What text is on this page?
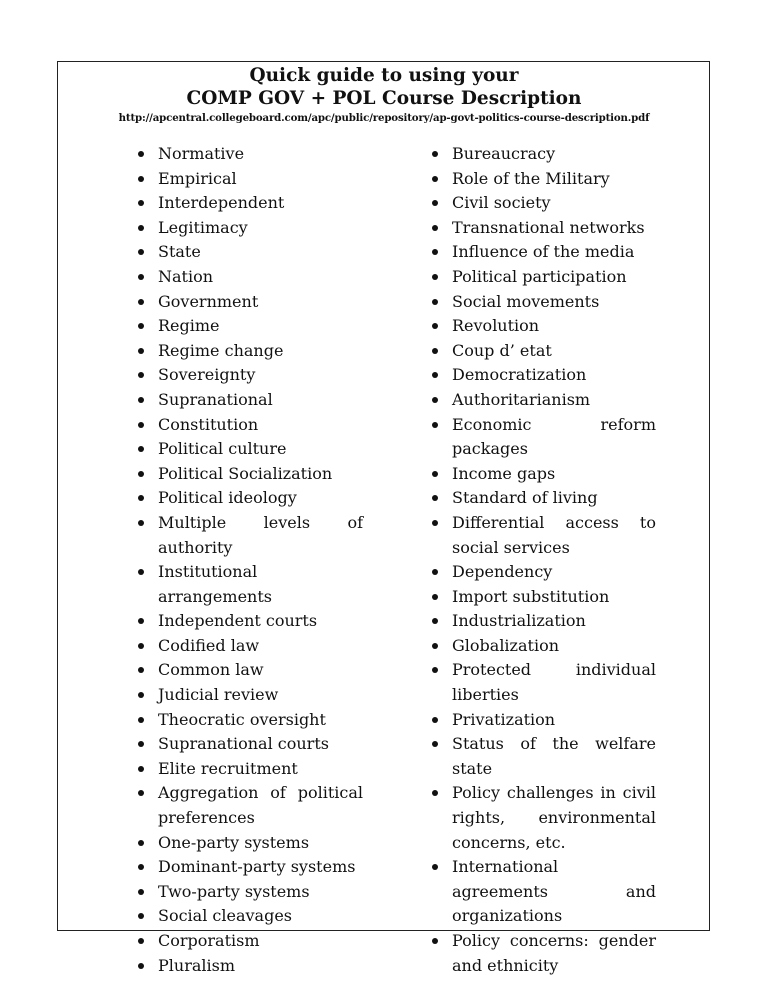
Quick guide to using your
COMP GOV + POL Course Description
http://apcentral.collegeboard.com/apc/public/repository/ap-govt-politics-course-description.pdf
Normative
Empirical
Interdependent
Legitimacy
State
Nation
Government
Regime
Regime change
Sovereignty
Supranational
Constitution
Political culture
Political Socialization
Political ideology
Multiple levels of authority
Institutional arrangements
Independent courts
Codified law
Common law
Judicial review
Theocratic oversight
Supranational courts
Elite recruitment
Aggregation of political preferences
One-party systems
Dominant-party systems
Two-party systems
Social cleavages
Corporatism
Pluralism
Bureaucracy
Role of the Military
Civil society
Transnational networks
Influence of the media
Political participation
Social movements
Revolution
Coup d’ etat
Democratization
Authoritarianism
Economic reform packages
Income gaps
Standard of living
Differential access to social services
Dependency
Import substitution
Industrialization
Globalization
Protected individual liberties
Privatization
Status of the welfare state
Policy challenges in civil rights, environmental concerns, etc.
International agreements and organizations
Policy concerns: gender and ethnicity
